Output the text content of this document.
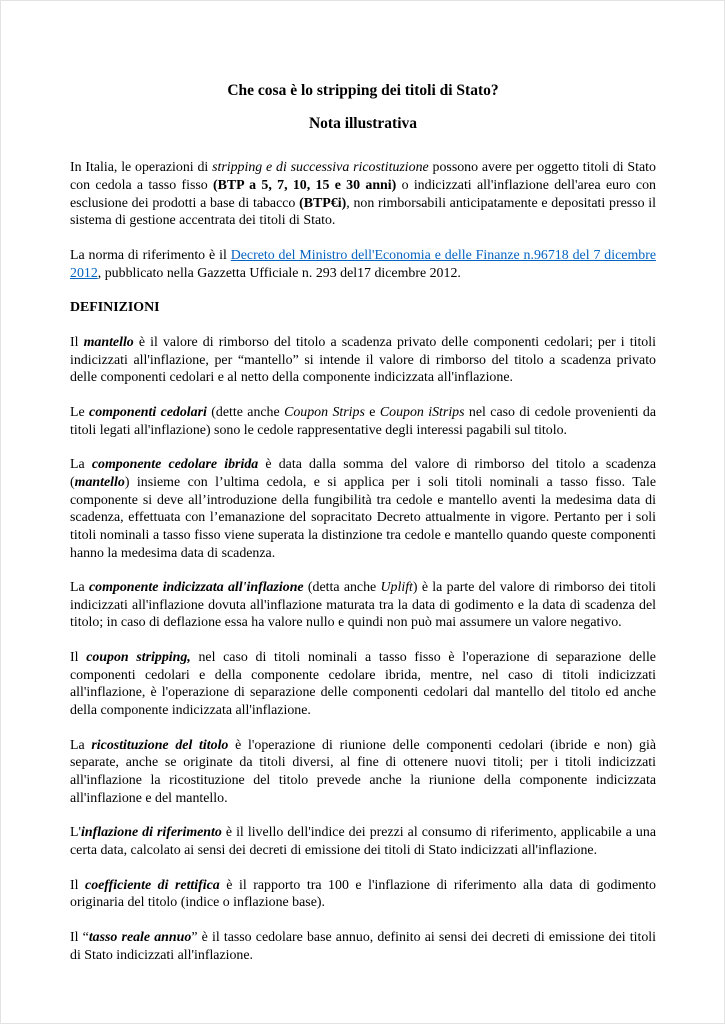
Che cosa è lo stripping dei titoli di Stato?
Nota illustrativa

In Italia, le operazioni di stripping e di successiva ricostituzione possono avere per oggetto titoli di Stato con cedola a tasso fisso (BTP a 5, 7, 10, 15 e 30 anni) o indicizzati all'inflazione dell'area euro con esclusione dei prodotti a base di tabacco (BTP€i), non rimborsabili anticipatamente e depositati presso il sistema di gestione accentrata dei titoli di Stato.

La norma di riferimento è il Decreto del Ministro dell'Economia e delle Finanze n.96718 del 7 dicembre 2012, pubblicato nella Gazzetta Ufficiale n. 293 del17 dicembre 2012.

DEFINIZIONI

Il mantello è il valore di rimborso del titolo a scadenza privato delle componenti cedolari; per i titoli indicizzati all'inflazione, per “mantello” si intende il valore di rimborso del titolo a scadenza privato delle componenti cedolari e al netto della componente indicizzata all'inflazione.

Le componenti cedolari (dette anche Coupon Strips e Coupon iStrips nel caso di cedole provenienti da titoli legati all'inflazione) sono le cedole rappresentative degli interessi pagabili sul titolo.

La componente cedolare ibrida è data dalla somma del valore di rimborso del titolo a scadenza (mantello) insieme con l’ultima cedola, e si applica per i soli titoli nominali a tasso fisso. Tale componente si deve all’introduzione della fungibilità tra cedole e mantello aventi la medesima data di scadenza, effettuata con l’emanazione del sopracitato Decreto attualmente in vigore. Pertanto per i soli titoli nominali a tasso fisso viene superata la distinzione tra cedole e mantello quando queste componenti hanno la medesima data di scadenza.

La componente indicizzata all'inflazione (detta anche Uplift) è la parte del valore di rimborso dei titoli indicizzati all'inflazione dovuta all'inflazione maturata tra la data di godimento e la data di scadenza del titolo; in caso di deflazione essa ha valore nullo e quindi non può mai assumere un valore negativo.

Il coupon stripping, nel caso di titoli nominali a tasso fisso è l'operazione di separazione delle componenti cedolari e della componente cedolare ibrida, mentre, nel caso di titoli indicizzati all'inflazione, è l'operazione di separazione delle componenti cedolari dal mantello del titolo ed anche della componente indicizzata all'inflazione.

La ricostituzione del titolo è l'operazione di riunione delle componenti cedolari (ibride e non) già separate, anche se originate da titoli diversi, al fine di ottenere nuovi titoli; per i titoli indicizzati all'inflazione la ricostituzione del titolo prevede anche la riunione della componente indicizzata all'inflazione e del mantello.

L'inflazione di riferimento è il livello dell'indice dei prezzi al consumo di riferimento, applicabile a una certa data, calcolato ai sensi dei decreti di emissione dei titoli di Stato indicizzati all'inflazione.

Il coefficiente di rettifica è il rapporto tra 100 e l'inflazione di riferimento alla data di godimento originaria del titolo (indice o inflazione base).

Il “tasso reale annuo” è il tasso cedolare base annuo, definito ai sensi dei decreti di emissione dei titoli di Stato indicizzati all'inflazione.
